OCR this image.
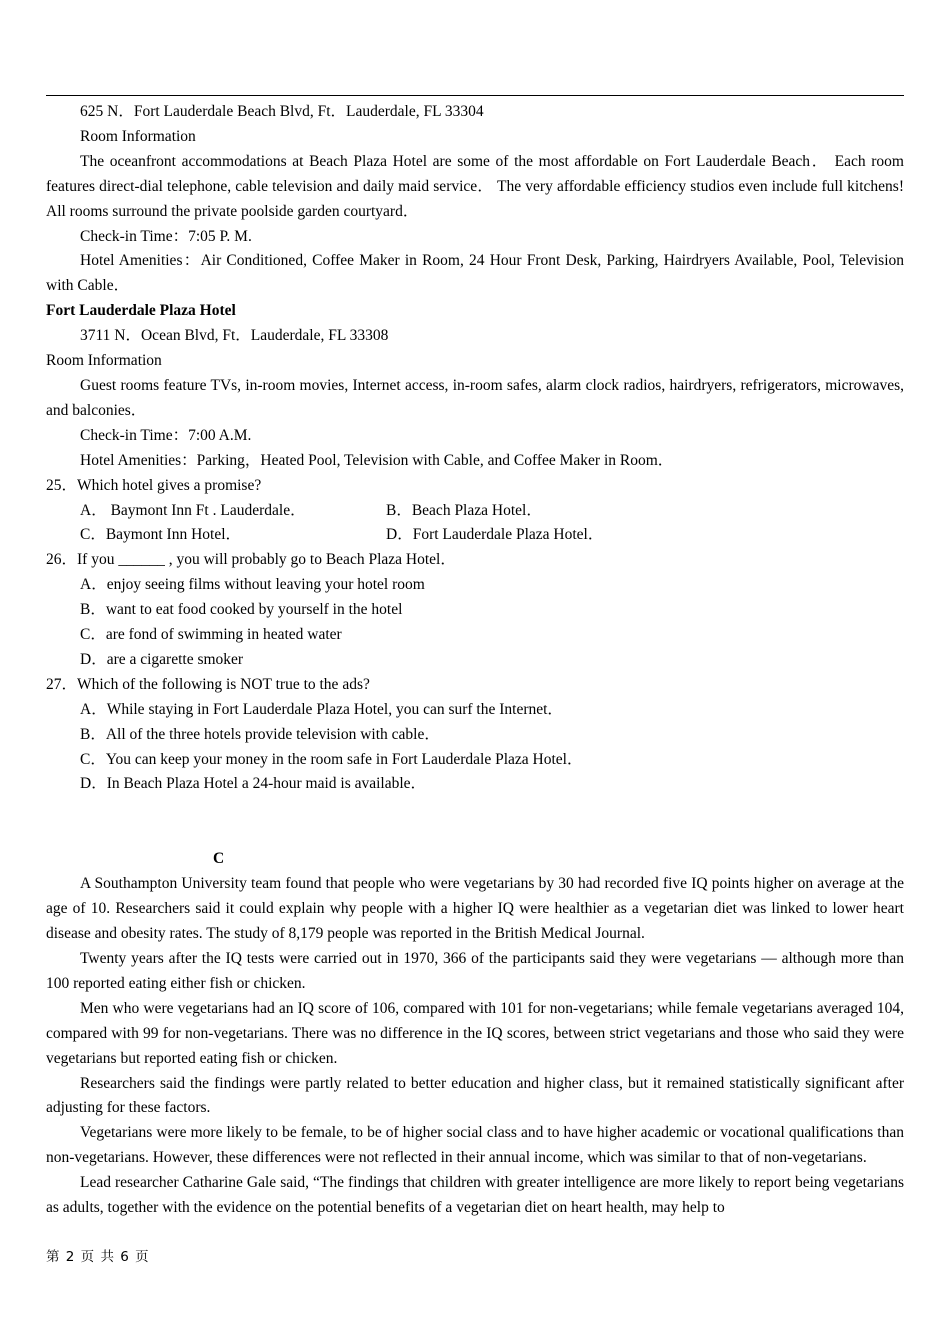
625 N．Fort Lauderdale Beach Blvd, Ft．Lauderdale, FL 33304

Room Information

The oceanfront accommodations at Beach Plaza Hotel are some of the most affordable on Fort Lauderdale Beach． Each room features direct-dial telephone, cable television and daily maid service． The very affordable efficiency studios even include full kitchens! All rooms surround the private poolside garden courtyard．

Check-in Time：7:05 P. M.

Hotel Amenities：Air Conditioned, Coffee Maker in Room, 24 Hour Front Desk, Parking, Hairdryers Available, Pool, Television with Cable．

Fort Lauderdale Plaza Hotel

3711 N．Ocean Blvd, Ft．Lauderdale, FL 33308

Room Information

Guest rooms feature TVs, in-room movies, Internet access, in-room safes, alarm clock radios, hairdryers, refrigerators, microwaves, and balconies．

Check-in Time：7:00 A.M.

Hotel Amenities：Parking，Heated Pool, Television with Cable, and Coffee Maker in Room．

25．Which hotel gives a promise?

A． Baymont Inn Ft . Lauderdale．	B．Beach Plaza Hotel．
C．Baymont Inn Hotel．	D．Fort Lauderdale Plaza Hotel．

26．If you ______ , you will probably go to Beach Plaza Hotel．

A．enjoy seeing films without leaving your hotel room

B．want to eat food cooked by yourself in the hotel

C．are fond of swimming in heated water

D．are a cigarette smoker

27．Which of the following is NOT true to the ads?

A．While staying in Fort Lauderdale Plaza Hotel, you can surf the Internet．

B．All of the three hotels provide television with cable．

C．You can keep your money in the room safe in Fort Lauderdale Plaza Hotel．

D．In Beach Plaza Hotel a 24-hour maid is available．

C

A Southampton University team found that people who were vegetarians by 30 had recorded five IQ points higher on average at the age of 10. Researchers said it could explain why people with a higher IQ were healthier as a vegetarian diet was linked to lower heart disease and obesity rates. The study of 8,179 people was reported in the British Medical Journal.

Twenty years after the IQ tests were carried out in 1970, 366 of the participants said they were vegetarians — although more than 100 reported eating either fish or chicken.

Men who were vegetarians had an IQ score of 106, compared with 101 for non-vegetarians; while female vegetarians averaged 104, compared with 99 for non-vegetarians. There was no difference in the IQ scores, between strict vegetarians and those who said they were vegetarians but reported eating fish or chicken.

Researchers said the findings were partly related to better education and higher class, but it remained statistically significant after adjusting for these factors.

Vegetarians were more likely to be female, to be of higher social class and to have higher academic or vocational qualifications than non-vegetarians. However, these differences were not reflected in their annual income, which was similar to that of non-vegetarians.

Lead researcher Catharine Gale said, “The findings that children with greater intelligence are more likely to report being vegetarians as adults, together with the evidence on the potential benefits of a vegetarian diet on heart health, may help to

第 2 页 共 6 页
